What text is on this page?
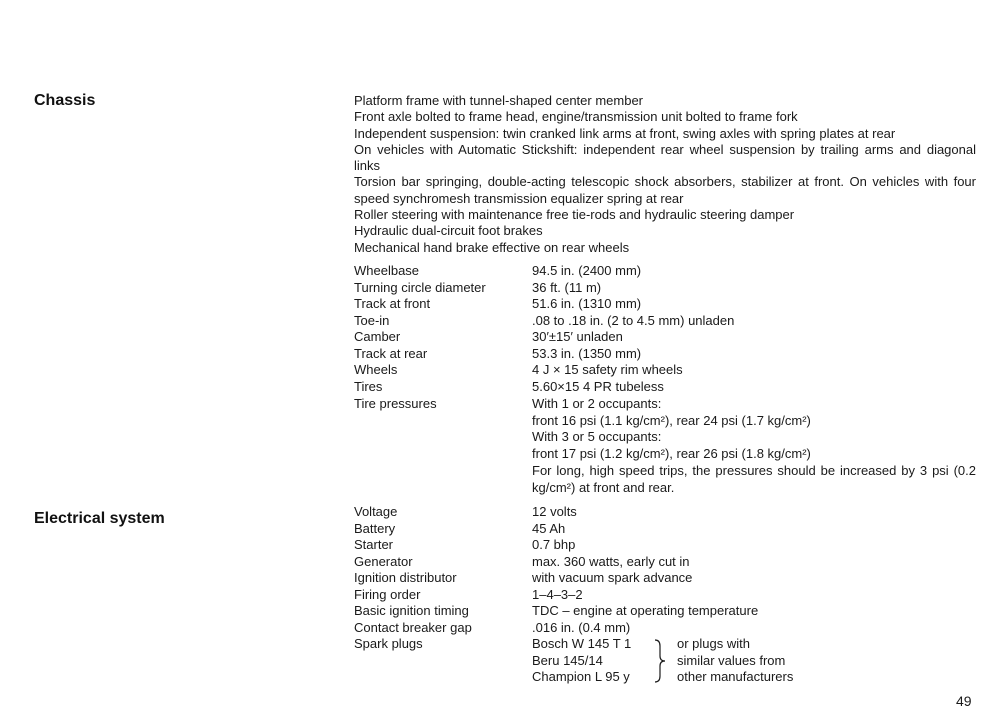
Chassis	Platform frame with tunnel-shaped center member
Front axle bolted to frame head, engine/transmission unit bolted to frame fork
Independent suspension: twin cranked link arms at front, swing axles with spring plates at rear
On vehicles with Automatic Stickshift: independent rear wheel suspension by trailing arms and diagonal links
Torsion bar springing, double-acting telescopic shock absorbers, stabilizer at front. On vehicles with four speed synchromesh transmission equalizer spring at rear
Roller steering with maintenance free tie-rods and hydraulic steering damper
Hydraulic dual-circuit foot brakes
Mechanical hand brake effective on rear wheels
Wheelbase	94.5 in. (2400 mm)
Turning circle diameter	36 ft. (11 m)
Track at front	51.6 in. (1310 mm)
Toe-in	.08 to .18 in. (2 to 4.5 mm) unladen
Camber	30′±15′ unladen
Track at rear	53.3 in. (1350 mm)
Wheels	4 J × 15 safety rim wheels
Tires	5.60×15 4 PR tubeless
Tire pressures	With 1 or 2 occupants:
front 16 psi (1.1 kg/cm²), rear 24 psi (1.7 kg/cm²)
With 3 or 5 occupants:
front 17 psi (1.2 kg/cm²), rear 26 psi (1.8 kg/cm²)
For long, high speed trips, the pressures should be increased by 3 psi (0.2 kg/cm²) at front and rear.
Electrical system	Voltage	12 volts
Battery	45 Ah
Starter	0.7 bhp
Generator	max. 360 watts, early cut in
Ignition distributor	with vacuum spark advance
Firing order	1–4–3–2
Basic ignition timing	TDC – engine at operating temperature
Contact breaker gap	.016 in. (0.4 mm)
Spark plugs	Bosch W 145 T 1
Beru 145/14
Champion L 95 y
or plugs with
similar values from
other manufacturers
49
